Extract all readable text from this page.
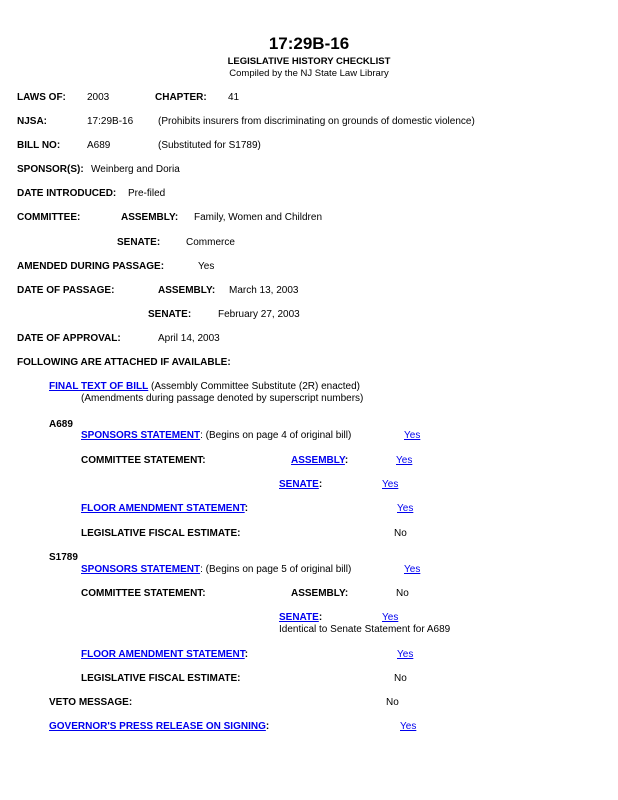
17:29B-16
LEGISLATIVE HISTORY CHECKLIST
Compiled by the NJ State Law Library
LAWS OF: 2003	CHAPTER: 41
NJSA:	17:29B-16 (Prohibits insurers from discriminating on grounds of domestic violence)
BILL NO:	A689	(Substituted for S1789)
SPONSOR(S): Weinberg and Doria
DATE INTRODUCED: Pre-filed
COMMITTEE:	ASSEMBLY: Family, Women and Children
SENATE:	Commerce
AMENDED DURING PASSAGE:	Yes
DATE OF PASSAGE:	ASSEMBLY: March 13, 2003
SENATE:	February 27, 2003
DATE OF APPROVAL:	April 14, 2003
FOLLOWING ARE ATTACHED IF AVAILABLE:
FINAL TEXT OF BILL (Assembly Committee Substitute (2R) enacted)
(Amendments during passage denoted by superscript numbers)
A689
SPONSORS STATEMENT: (Begins on page 4 of original bill)	Yes
COMMITTEE STATEMENT:	ASSEMBLY:	Yes
SENATE:	Yes
FLOOR AMENDMENT STATEMENT:	Yes
LEGISLATIVE FISCAL ESTIMATE:	No
S1789
SPONSORS STATEMENT: (Begins on page 5 of original bill)	Yes
COMMITTEE STATEMENT:	ASSEMBLY:	No
SENATE:	Yes
Identical to Senate Statement for A689
FLOOR AMENDMENT STATEMENT:	Yes
LEGISLATIVE FISCAL ESTIMATE:	No
VETO MESSAGE:	No
GOVERNOR'S PRESS RELEASE ON SIGNING:	Yes
